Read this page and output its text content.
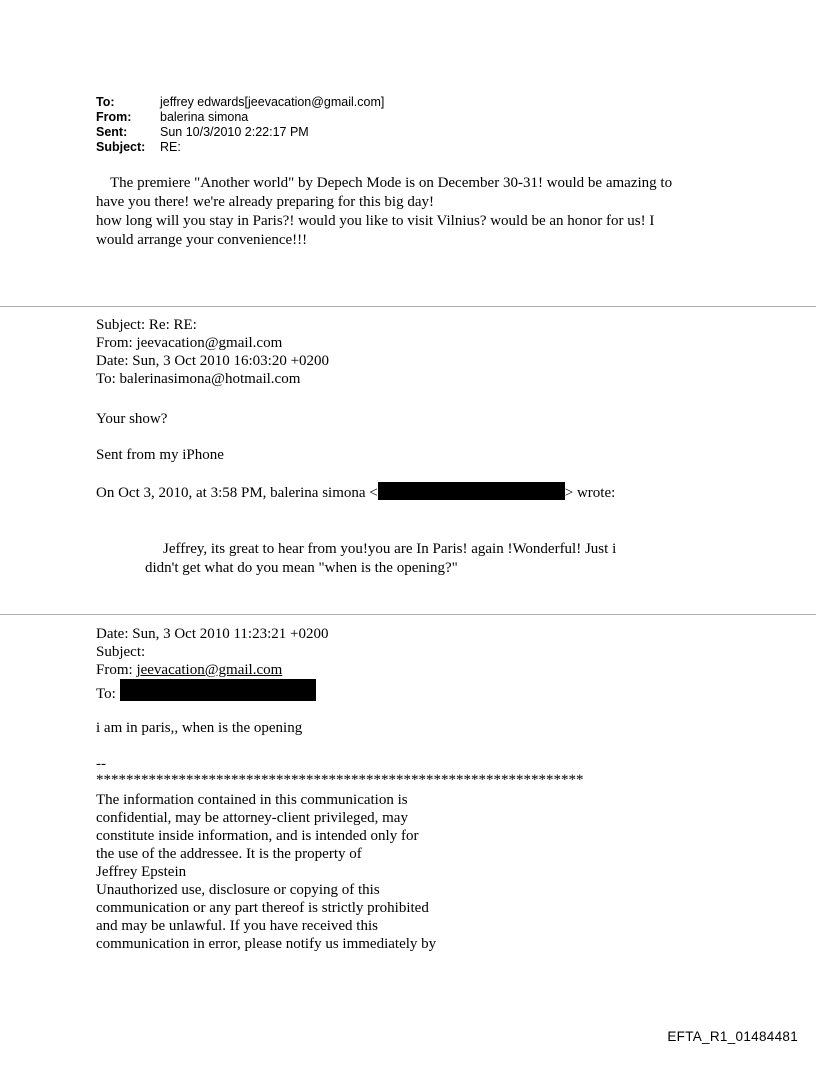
To:	jeffrey edwards[jeevacation@gmail.com]
From:	balerina simona
Sent:	Sun 10/3/2010 2:22:17 PM
Subject:	RE:

The premiere "Another world" by Depech Mode is on December 30-31! would be amazing to

have you there! we're already preparing for this big day!

how long will you stay in Paris?! would you like to visit Vilnius? would be an honor for us! I

would arrange your convenience!!!

Subject: Re: RE:
From: jeevacation@gmail.com
Date: Sun, 3 Oct 2010 16:03:20 +0200
To: balerinasimona@hotmail.com
Your show?
Sent from my iPhone
On Oct 3, 2010, at 3:58 PM, balerina simona <	> wrote:
Jeffrey, its great to hear from you!you are In Paris! again !Wonderful! Just i
didn't get what do you mean "when is the opening?"
Date: Sun, 3 Oct 2010 11:23:21 +0200
Subject:
From: jeevacation@gmail.com
To:
i am in paris,, when is the opening
--
*****************************************************************
The information contained in this communication is
confidential, may be attorney-client privileged, may
constitute inside information, and is intended only for
the use of the addressee. It is the property of
Jeffrey Epstein
Unauthorized use, disclosure or copying of this
communication or any part thereof is strictly prohibited
and may be unlawful. If you have received this
communication in error, please notify us immediately by
EFTA_R1_01484481
